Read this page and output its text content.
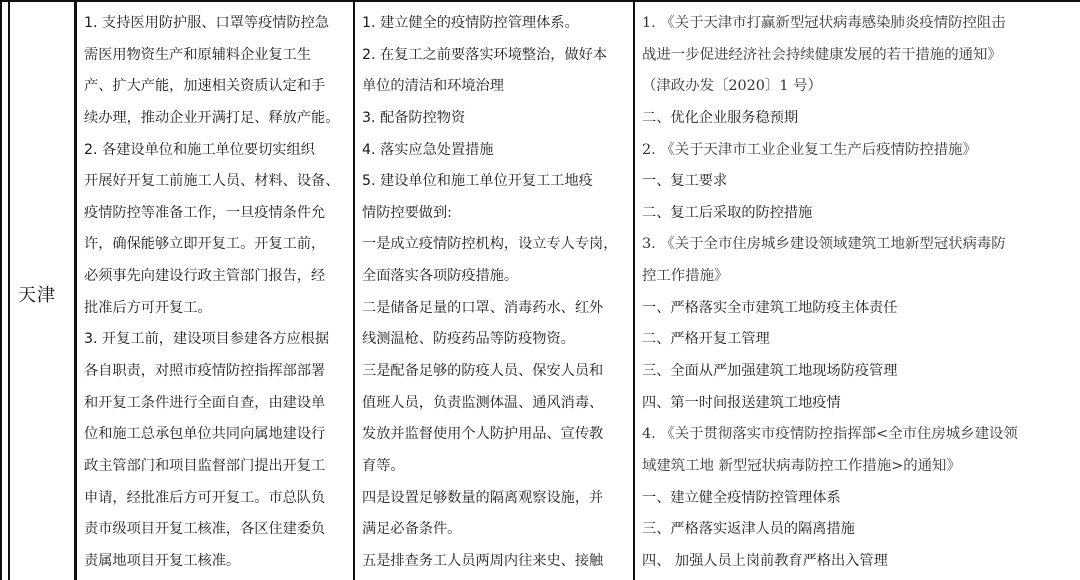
天津
1. 支持医用防护服、口罩等疫情防控急
需医用物资生产和原辅料企业复工生
产、扩大产能，加速相关资质认定和手
续办理，推动企业开满打足、释放产能。
2. 各建设单位和施工单位要切实组织
开展好开复工前施工人员、材料、设备、
疫情防控等准备工作，一旦疫情条件允
许，确保能够立即开复工。开复工前，
必须事先向建设行政主管部门报告，经
批准后方可开复工。
3. 开复工前，建设项目参建各方应根据
各自职责，对照市疫情防控指挥部部署
和开复工条件进行全面自查，由建设单
位和施工总承包单位共同向属地建设行
政主管部门和项目监督部门提出开复工
申请，经批准后方可开复工。市总队负
责市级项目开复工核准，各区住建委负
责属地项目开复工核准。
1. 建立健全的疫情防控管理体系。
2. 在复工之前要落实环境整治，做好本
单位的清洁和环境治理
3. 配备防控物资
4. 落实应急处置措施
5. 建设单位和施工单位开复工工地疫
情防控要做到:
一是成立疫情防控机构，设立专人专岗，
全面落实各项防疫措施。
二是储备足量的口罩、消毒药水、红外
线测温枪、防疫药品等防疫物资。
三是配备足够的防疫人员、保安人员和
值班人员，负责监测体温、通风消毒、
发放并监督使用个人防护用品、宣传教
育等。
四是设置足够数量的隔离观察设施，并
满足必备条件。
五是排查务工人员两周内往来史、接触
1. 《关于天津市打赢新型冠状病毒感染肺炎疫情防控阻击
战进一步促进经济社会持续健康发展的若干措施的通知》
（津政办发〔2020〕1 号）
二、优化企业服务稳预期
2. 《关于天津市工业企业复工生产后疫情防控措施》
一、复工要求
二、复工后采取的防控措施
3. 《关于全市住房城乡建设领域建筑工地新型冠状病毒防
控工作措施》
一、严格落实全市建筑工地防疫主体责任
二、严格开复工管理
三、全面从严加强建筑工地现场防疫管理
四、第一时间报送建筑工地疫情
4. 《关于贯彻落实市疫情防控指挥部<全市住房城乡建设领
域建筑工地 新型冠状病毒防控工作措施>的通知》
一、建立健全疫情防控管理体系
三、严格落实返津人员的隔离措施
四、 加强人员上岗前教育严格出入管理
